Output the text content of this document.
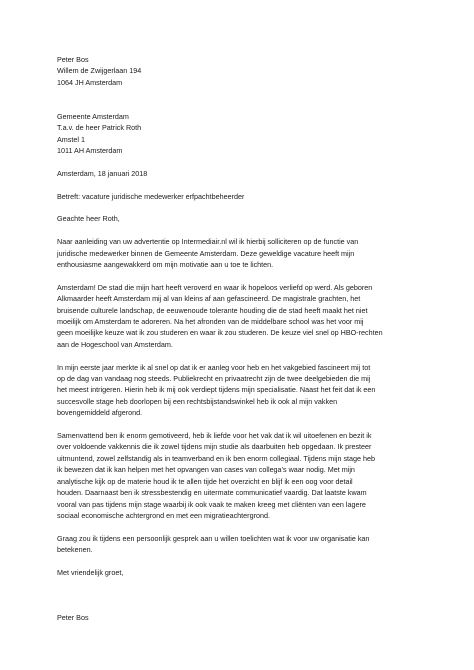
Peter Bos
Willem de Zwijgerlaan 194
1064 JH Amsterdam
Gemeente Amsterdam
T.a.v. de heer Patrick Roth
Amstel 1
1011 AH Amsterdam
Amsterdam, 18 januari 2018
Betreft: vacature juridische medewerker erfpachtbeheerder
Geachte heer Roth,
Naar aanleiding van uw advertentie op Intermediair.nl wil ik hierbij solliciteren op de functie van
juridische medewerker binnen de Gemeente Amsterdam. Deze geweldige vacature heeft mijn
enthousiasme aangewakkerd om mijn motivatie aan u toe te lichten.
Amsterdam! De stad die mijn hart heeft veroverd en waar ik hopeloos verliefd op werd. Als geboren
Alkmaarder heeft Amsterdam mij al van kleins af aan gefascineerd. De magistrale grachten, het
bruisende culturele landschap, de eeuwenoude tolerante houding die de stad heeft maakt het niet
moeilijk om Amsterdam te adoreren. Na het afronden van de middelbare school was het voor mij
geen moeilijke keuze wat ik zou studeren en waar ik zou studeren. De keuze viel snel op HBO-rechten
aan de Hogeschool van Amsterdam.
In mijn eerste jaar merkte ik al snel op dat ik er aanleg voor heb en het vakgebied fascineert mij tot
op de dag van vandaag nog steeds. Publiekrecht en privaatrecht zijn de twee deelgebieden die mij
het meest intrigeren. Hierin heb ik mij ook verdiept tijdens mijn specialisatie. Naast het feit dat ik een
succesvolle stage heb doorlopen bij een rechtsbijstandswinkel heb ik ook al mijn vakken
bovengemiddeld afgerond.
Samenvattend ben ik enorm gemotiveerd, heb ik liefde voor het vak dat ik wil uitoefenen en bezit ik
over voldoende vakkennis die ik zowel tijdens mijn studie als daarbuiten heb opgedaan. Ik presteer
uitmuntend, zowel zelfstandig als in teamverband en ik ben enorm collegiaal. Tijdens mijn stage heb
ik bewezen dat ik kan helpen met het opvangen van cases van collega’s waar nodig. Met mijn
analytische kijk op de materie houd ik te allen tijde het overzicht en blijf ik een oog voor detail
houden. Daarnaast ben ik stressbestendig en uitermate communicatief vaardig. Dat laatste kwam
vooral van pas tijdens mijn stage waarbij ik ook vaak te maken kreeg met cliënten van een lagere
sociaal economische achtergrond en met een migratieachtergrond.
Graag zou ik tijdens een persoonlijk gesprek aan u willen toelichten wat ik voor uw organisatie kan
betekenen.
Met vriendelijk groet,
Peter Bos
